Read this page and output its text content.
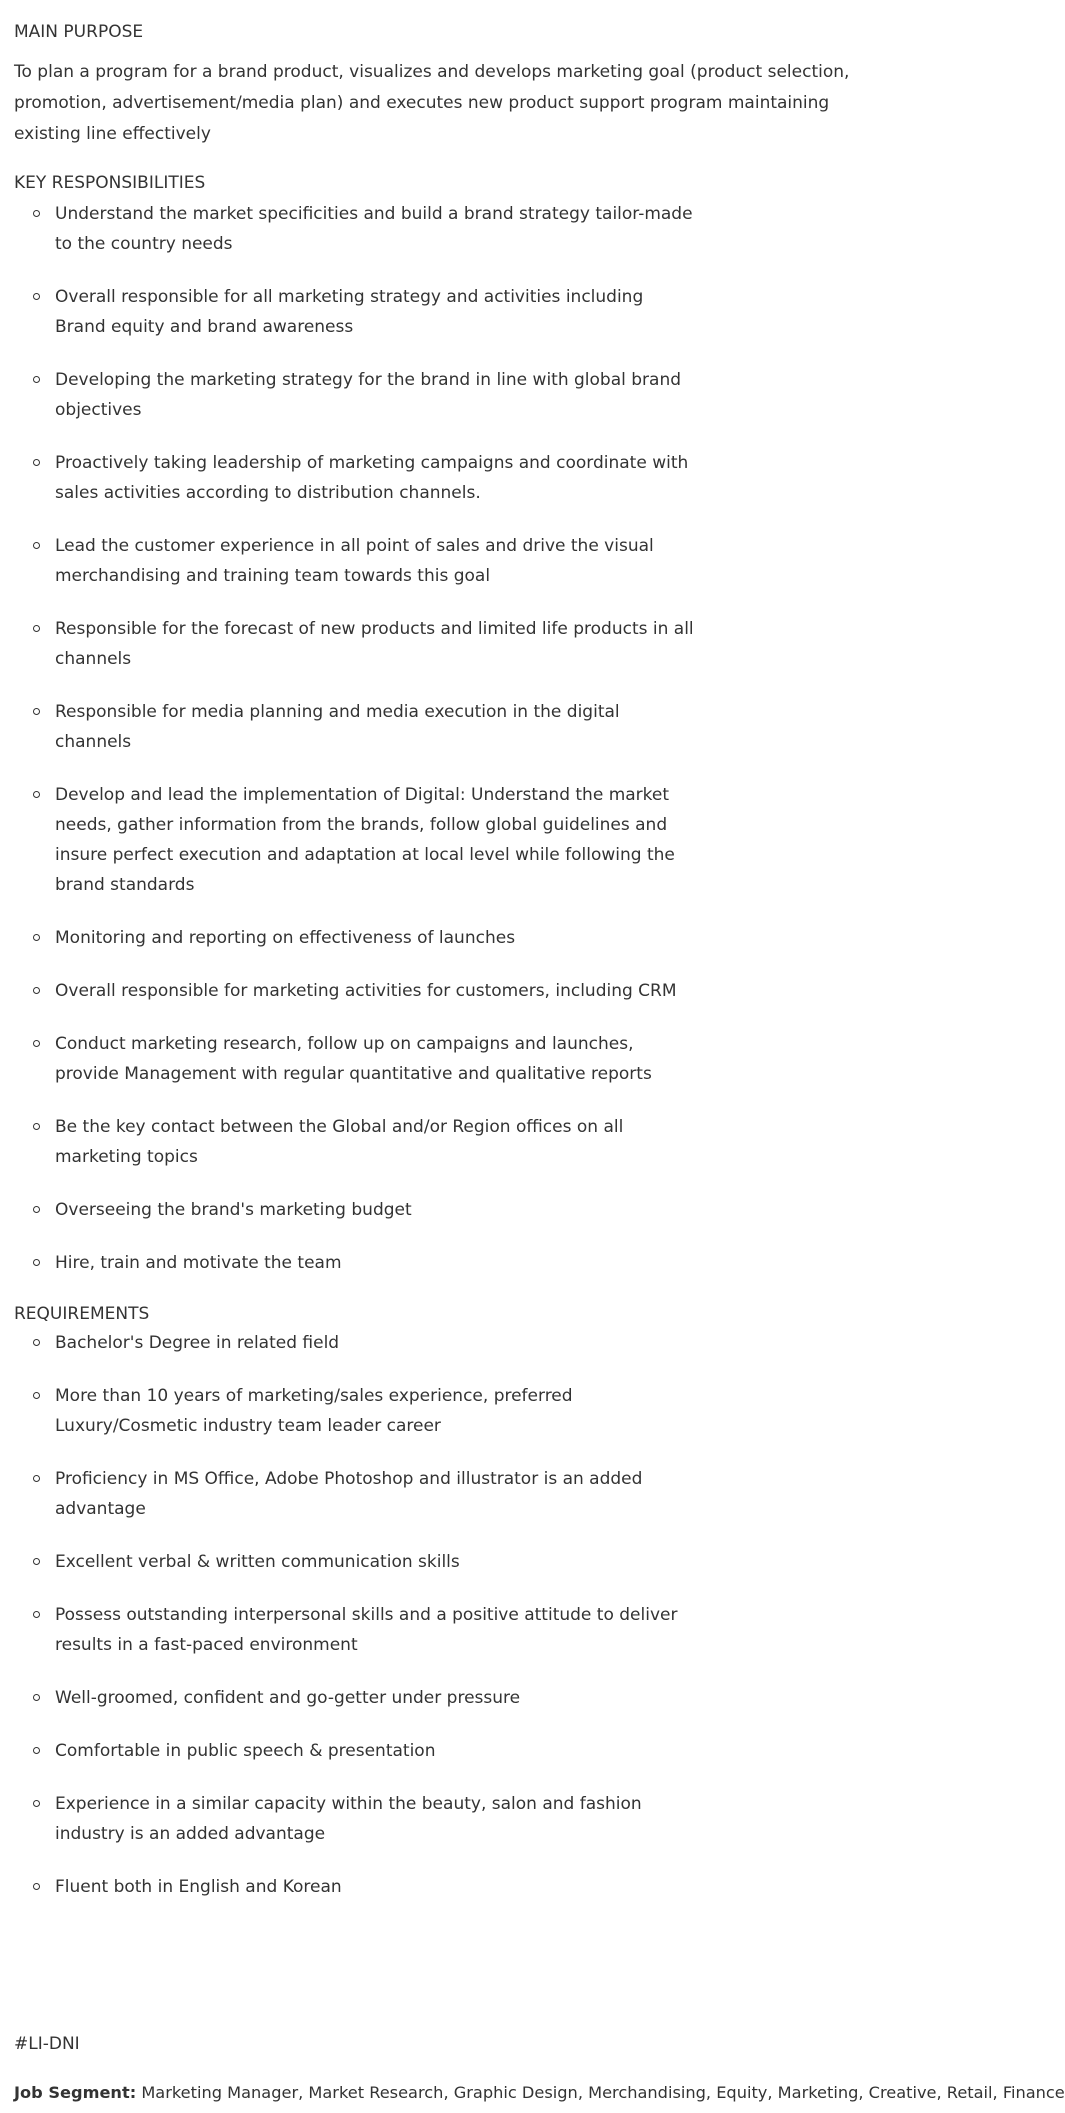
MAIN PURPOSE
To plan a program for a brand product, visualizes and develops marketing goal (product selection, promotion, advertisement/media plan) and executes new product support program maintaining existing line effectively
KEY RESPONSIBILITIES
Understand the market specificities and build a brand strategy tailor-made to the country needs
Overall responsible for all marketing strategy and activities including Brand equity and brand awareness
Developing the marketing strategy for the brand in line with global brand objectives
Proactively taking leadership of marketing campaigns and coordinate with sales activities according to distribution channels.
Lead the customer experience in all point of sales and drive the visual merchandising and training team towards this goal
Responsible for the forecast of new products and limited life products in all channels
Responsible for media planning and media execution in the digital channels
Develop and lead the implementation of Digital: Understand the market needs, gather information from the brands, follow global guidelines and insure perfect execution and adaptation at local level while following the brand standards
Monitoring and reporting on effectiveness of launches
Overall responsible for marketing activities for customers, including CRM
Conduct marketing research, follow up on campaigns and launches, provide Management with regular quantitative and qualitative reports
Be the key contact between the Global and/or Region offices on all marketing topics
Overseeing the brand's marketing budget
Hire, train and motivate the team
REQUIREMENTS
Bachelor's Degree in related field
More than 10 years of marketing/sales experience, preferred Luxury/Cosmetic industry team leader career
Proficiency in MS Office, Adobe Photoshop and illustrator is an added advantage
Excellent verbal & written communication skills
Possess outstanding interpersonal skills and a positive attitude to deliver results in a fast-paced environment
Well-groomed, confident and go-getter under pressure
Comfortable in public speech & presentation
Experience in a similar capacity within the beauty, salon and fashion industry is an added advantage
Fluent both in English and Korean
#LI-DNI
Job Segment: Marketing Manager, Market Research, Graphic Design, Merchandising, Equity, Marketing, Creative, Retail, Finance
